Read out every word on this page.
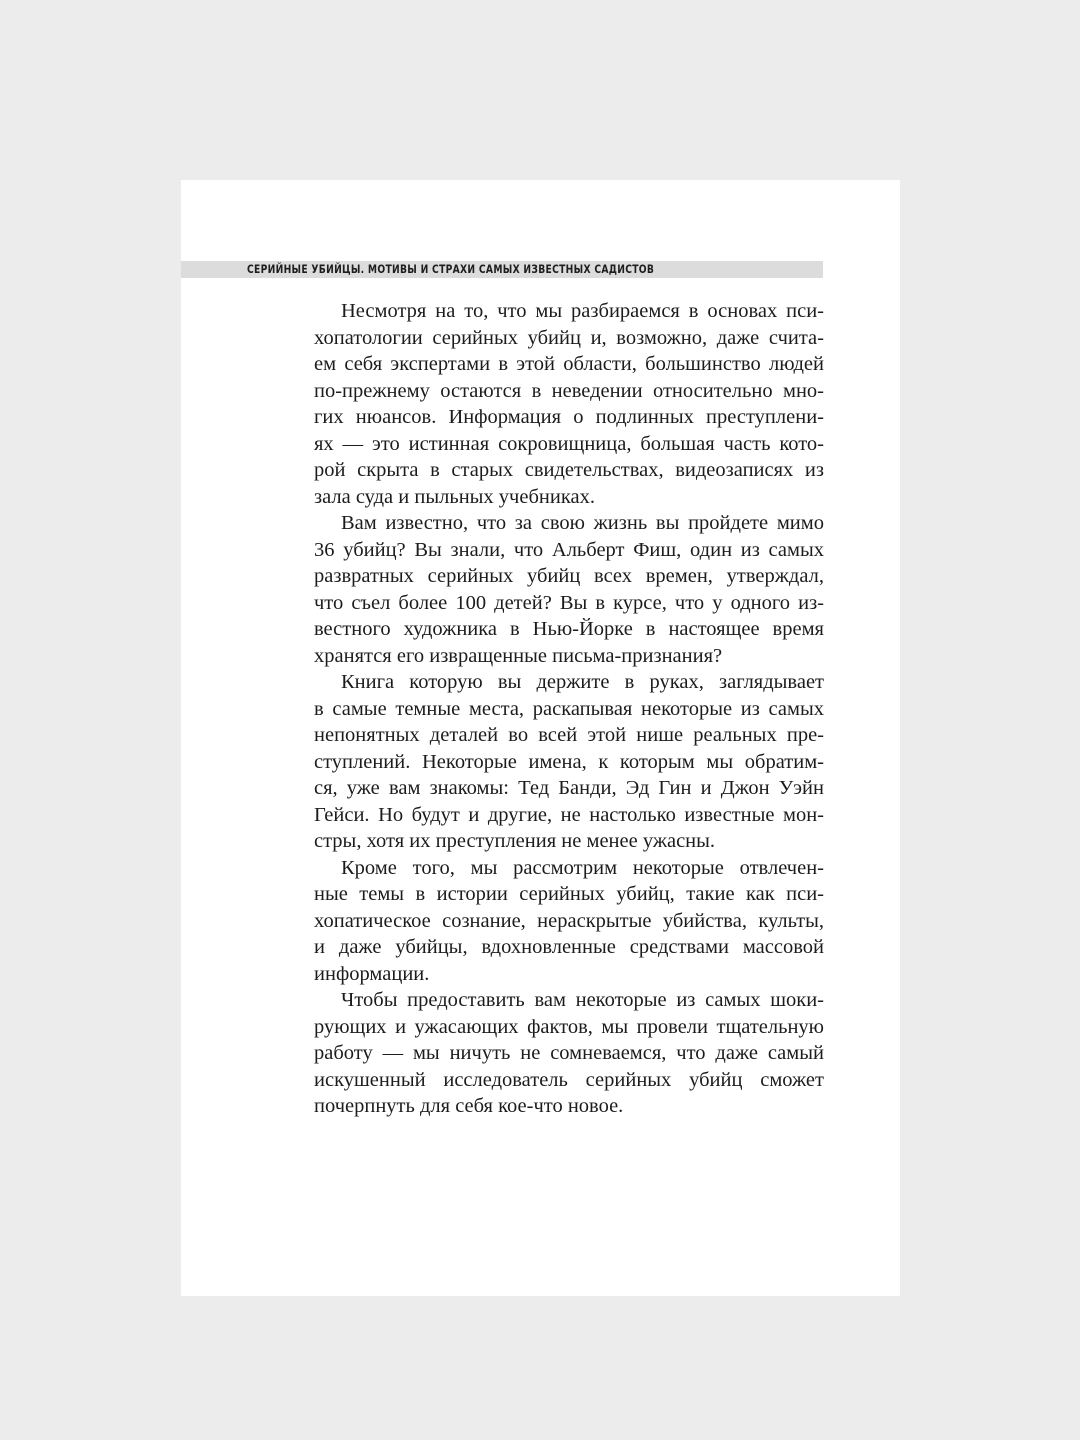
СЕРИЙНЫЕ УБИЙЦЫ. МОТИВЫ И СТРАХИ САМЫХ ИЗВЕСТНЫХ САДИСТОВ
Несмотря на то, что мы разбираемся в основах пси-
хопатологии серийных убийц и, возможно, даже счита-
ем себя экспертами в этой области, большинство людей
по-прежнему остаются в неведении относительно мно-
гих нюансов. Информация о подлинных преступлени-
ях — это истинная сокровищница, большая часть кото-
рой скрыта в старых свидетельствах, видеозаписях из
зала суда и пыльных учебниках.
Вам известно, что за свою жизнь вы пройдете мимо
36 убийц? Вы знали, что Альберт Фиш, один из самых
развратных серийных убийц всех времен, утверждал,
что съел более 100 детей? Вы в курсе, что у одного из-
вестного художника в Нью-Йорке в настоящее время
хранятся его извращенные письма-признания?
Книга которую вы держите в руках, заглядывает
в самые темные места, раскапывая некоторые из самых
непонятных деталей во всей этой нише реальных пре-
ступлений. Некоторые имена, к которым мы обратим-
ся, уже вам знакомы: Тед Банди, Эд Гин и Джон Уэйн
Гейси. Но будут и другие, не настолько известные мон-
стры, хотя их преступления не менее ужасны.
Кроме того, мы рассмотрим некоторые отвлечен-
ные темы в истории серийных убийц, такие как пси-
хопатическое сознание, нераскрытые убийства, культы,
и даже убийцы, вдохновленные средствами массовой
информации.
Чтобы предоставить вам некоторые из самых шоки-
рующих и ужасающих фактов, мы провели тщательную
работу — мы ничуть не сомневаемся, что даже самый
искушенный исследователь серийных убийц сможет
почерпнуть для себя кое-что новое.
